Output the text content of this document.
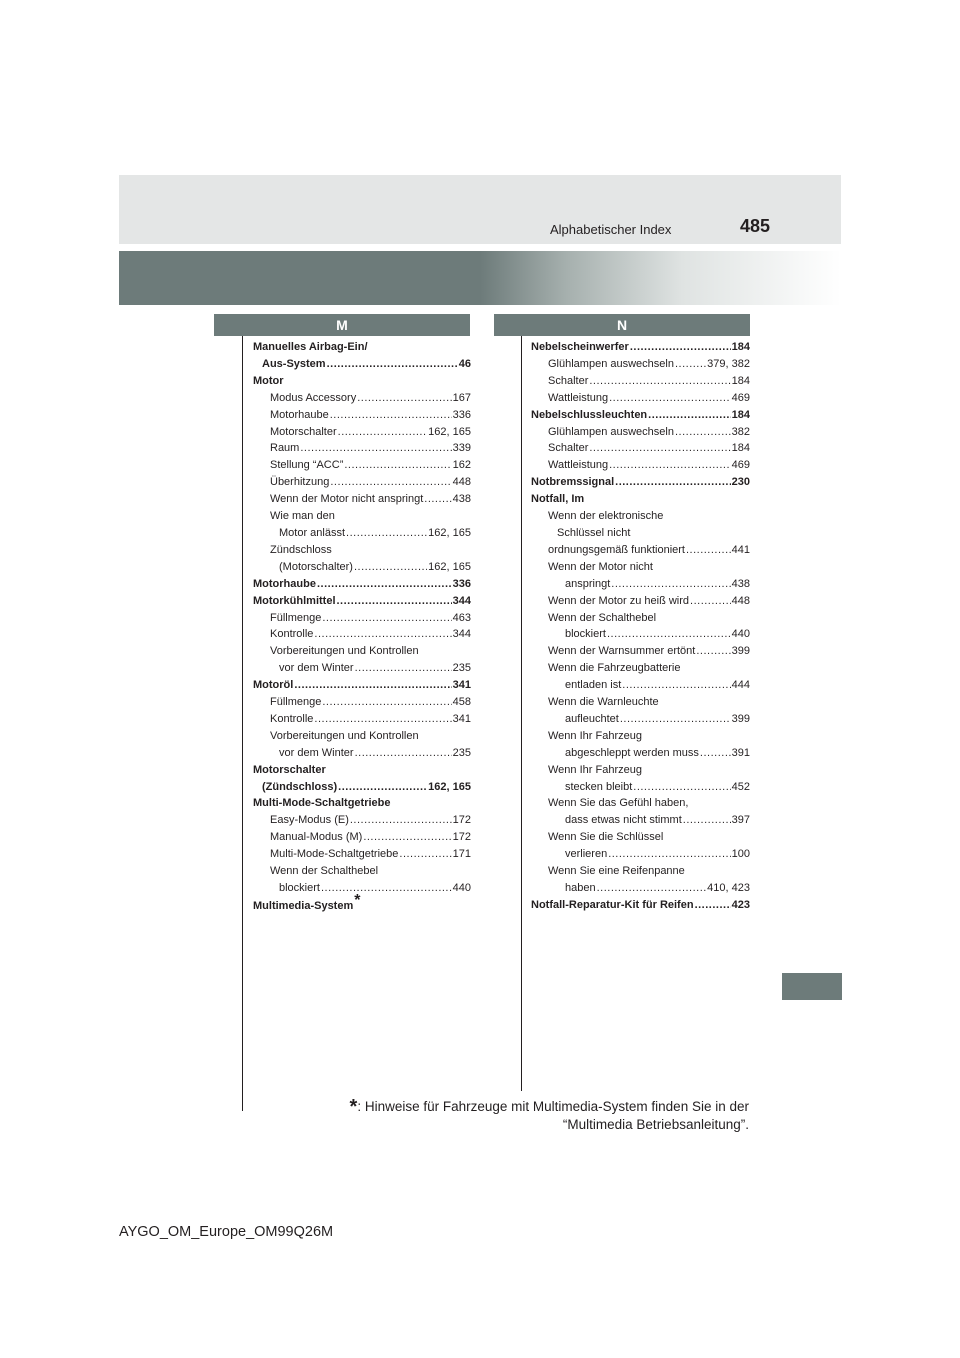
Alphabetischer Index	485
M	N
Manuelles Airbag-Ein/
Aus-System .....	46
Motor
Modus Accessory .....	167
Motorhaube .....	336
Motorschalter .....	162, 165
Raum .....	339
Stellung “ACC” .....	162
Überhitzung .....	448
Wenn der Motor nicht anspringt .....	438
Wie man den
Motor anlässt .....	162, 165
Zündschloss
(Motorschalter) .....	162, 165
Motorhaube .....	336
Motorkühlmittel .....	344
Füllmenge .....	463
Kontrolle .....	344
Vorbereitungen und Kontrollen
vor dem Winter .....	235
Motoröl .....	341
Füllmenge .....	458
Kontrolle .....	341
Vorbereitungen und Kontrollen
vor dem Winter .....	235
Motorschalter
(Zündschloss) .....	162, 165
Multi-Mode-Schaltgetriebe
Easy-Modus (E) .....	172
Manual-Modus (M) .....	172
Multi-Mode-Schaltgetriebe .....	171
Wenn der Schalthebel
blockiert .....	440
Multimedia-System*
Nebelscheinwerfer .....	184
Glühlampen auswechseln .....	379, 382
Schalter .....	184
Wattleistung .....	469
Nebelschlussleuchten .....	184
Glühlampen auswechseln .....	382
Schalter .....	184
Wattleistung .....	469
Notbremssignal .....	230
Notfall, Im
Wenn der elektronische
Schlüssel nicht
ordnungsgemäß funktioniert .....	441
Wenn der Motor nicht
anspringt .....	438
Wenn der Motor zu heiß wird .....	448
Wenn der Schalthebel
blockiert .....	440
Wenn der Warnsummer ertönt .....	399
Wenn die Fahrzeugbatterie
entladen ist .....	444
Wenn die Warnleuchte
aufleuchtet .....	399
Wenn Ihr Fahrzeug
abgeschleppt werden muss .....	391
Wenn Ihr Fahrzeug
stecken bleibt .....	452
Wenn Sie das Gefühl haben,
dass etwas nicht stimmt .....	397
Wenn Sie die Schlüssel
verlieren .....	100
Wenn Sie eine Reifenpanne
haben .....	410, 423
Notfall-Reparatur-Kit für Reifen .....	423
*: Hinweise für Fahrzeuge mit Multimedia-System finden Sie in der
“Multimedia Betriebsanleitung”.
AYGO_OM_Europe_OM99Q26M
